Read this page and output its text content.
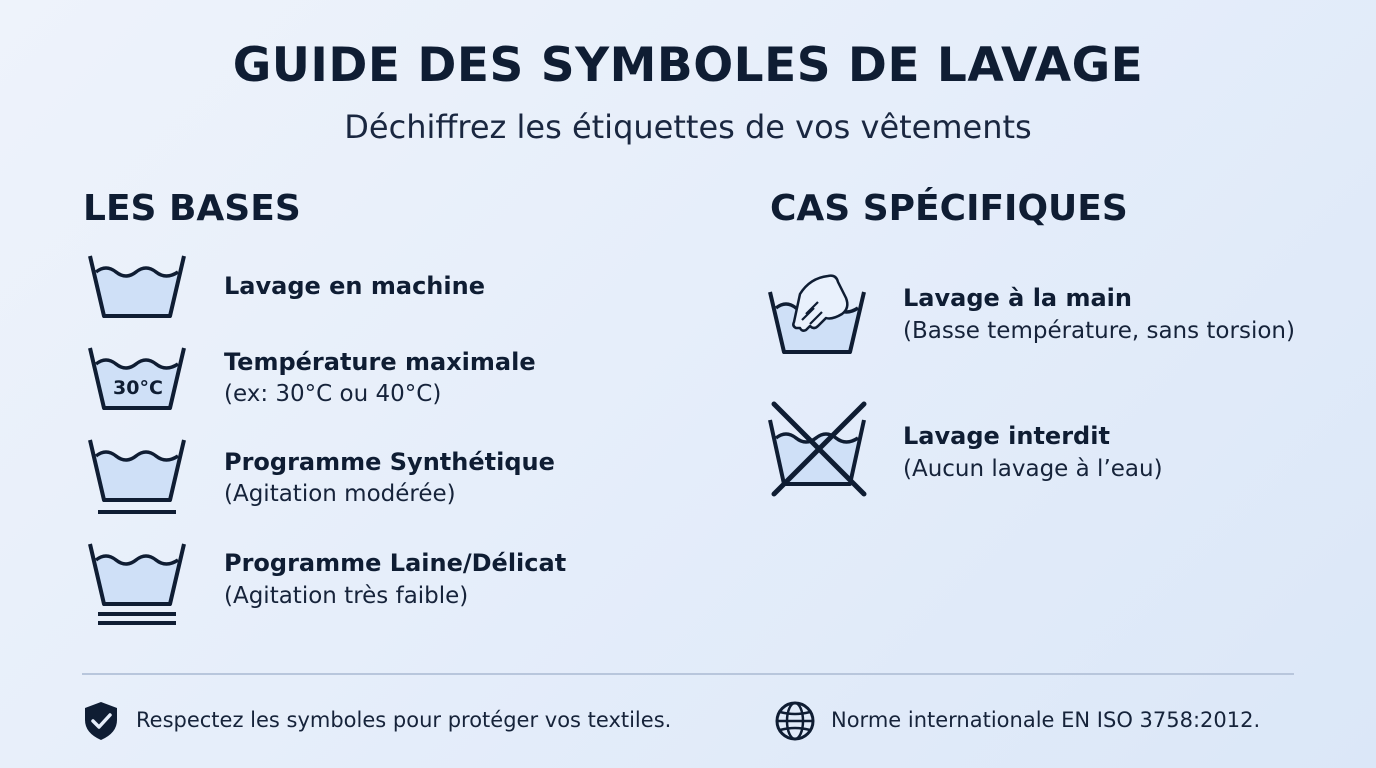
GUIDE DES SYMBOLES DE LAVAGE
Déchiffrez les étiquettes de vos vêtements
LES BASES
Lavage en machine
30°C
Température maximale
(ex: 30°C ou 40°C)
Programme Synthétique
(Agitation modérée)
Programme Laine/Délicat
(Agitation très faible)
CAS SPÉCIFIQUES
Lavage à la main
(Basse température, sans torsion)
Lavage interdit
(Aucun lavage à l’eau)
Respectez les symboles pour protéger vos textiles.	Norme internationale EN ISO 3758:2012.
